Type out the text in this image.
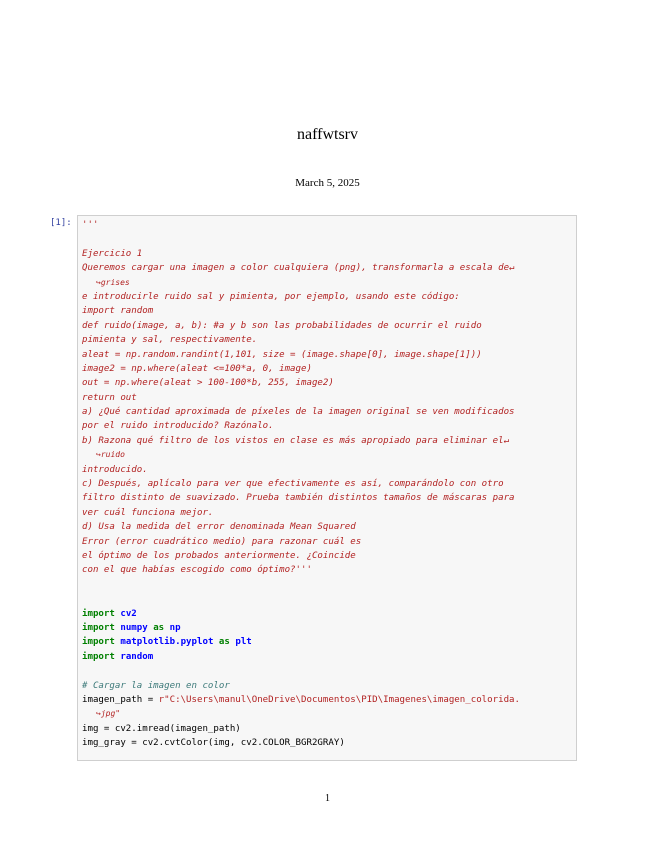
naffwtsrv
March 5, 2025
[1]: '''
Ejercicio 1
Queremos cargar una imagen a color cualquiera (png), transformarla a escala de↵
↪grises
e introducirle ruido sal y pimienta, por ejemplo, usando este código:
import random
def ruido(image, a, b): #a y b son las probabilidades de ocurrir el ruido
pimienta y sal, respectivamente.
aleat = np.random.randint(1,101, size = (image.shape[0], image.shape[1]))
image2 = np.where(aleat <=100*a, 0, image)
out = np.where(aleat > 100-100*b, 255, image2)
return out
a) ¿Qué cantidad aproximada de píxeles de la imagen original se ven modificados
por el ruido introducido? Razónalo.
b) Razona qué filtro de los vistos en clase es más apropiado para eliminar el↵
↪ruido
introducido.
c) Después, aplícalo para ver que efectivamente es así, comparándolo con otro
filtro distinto de suavizado. Prueba también distintos tamaños de máscaras para
ver cuál funciona mejor.
d) Usa la medida del error denominada Mean Squared
Error (error cuadrático medio) para razonar cuál es
el óptimo de los probados anteriormente. ¿Coincide
con el que habías escogido como óptimo?'''
import cv2
import numpy as np
import matplotlib.pyplot as plt
import random
# Cargar la imagen en color
imagen_path = r"C:\Users\manul\OneDrive\Documentos\PID\Imagenes\imagen_colorida.
↪jpg"
img = cv2.imread(imagen_path)
img_gray = cv2.cvtColor(img, cv2.COLOR_BGR2GRAY)
1
